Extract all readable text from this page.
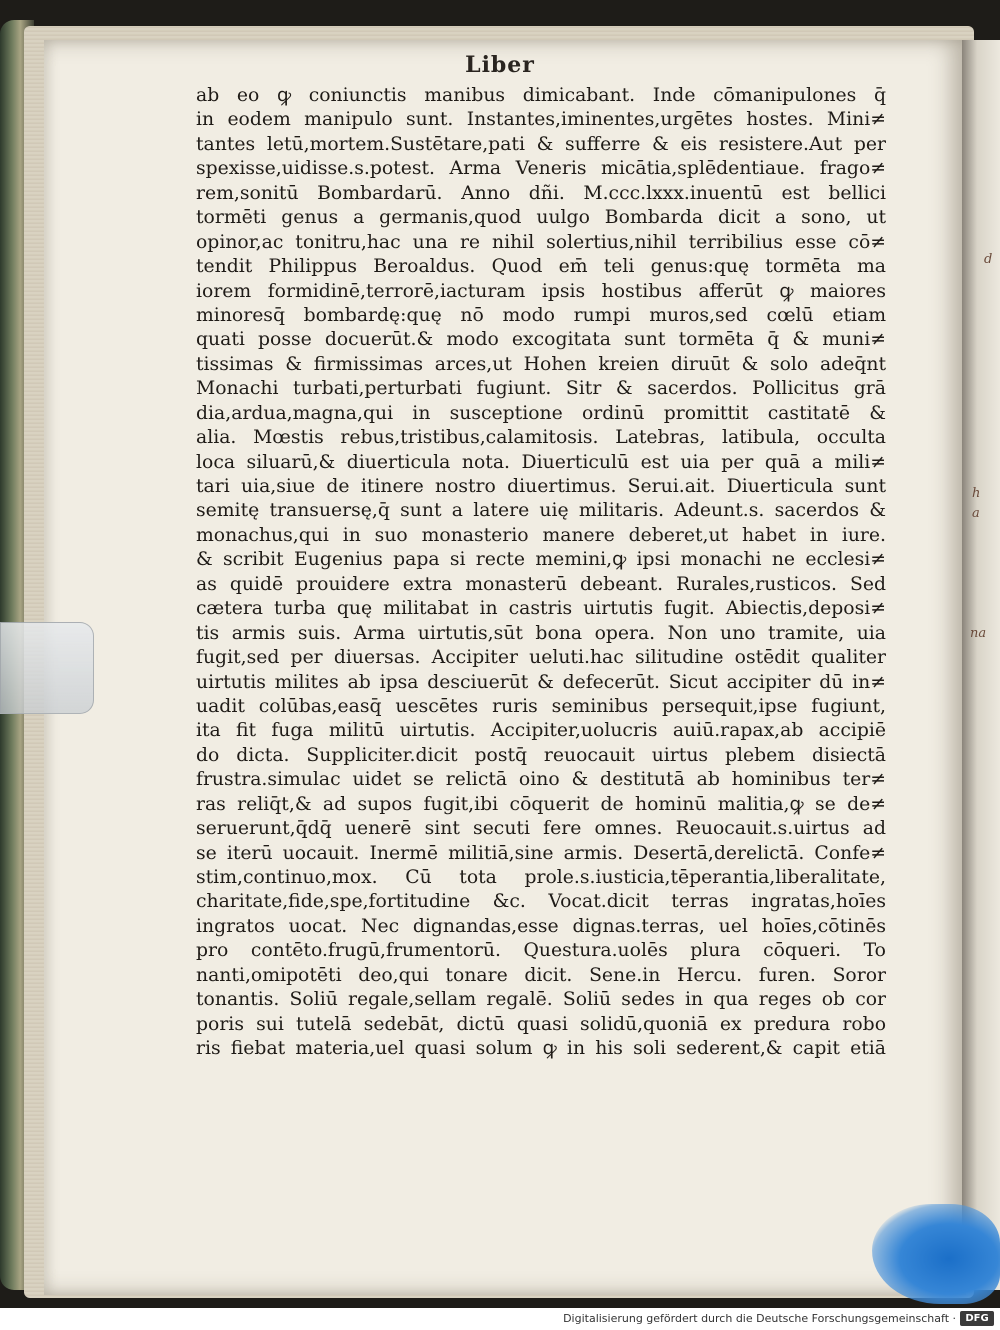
d
h
a
na
Liber
ab eo ꝙ coniunctis manibus dimicabant. Inde cōmanipulones q̄
in eodem manipulo sunt. Instantes,iminentes,urgētes hostes. Mini≠
tantes letū,mortem.Sustētare,pati & sufferre & eis resistere.Aut per
spexisse,uidisse.s.potest. Arma Veneris micātia,splēdentiaue. frago≠
rem,sonitū Bombardarū. Anno dñi. M.ccc.lxxx.inuentū est bellici
tormēti genus a germanis,quod uulgo Bombarda dicit a sono, ut
opinor,ac tonitru,hac una re nihil solertius,nihil terribilius esse cō≠
tendit Philippus Beroaldus. Quod em̄ teli genus:quę tormēta ma
iorem formidinē,terrorē,iacturam ipsis hostibus afferūt ꝙ maiores
minoresq̄ bombardę:quę nō modo rumpi muros,sed cœlū etiam
quati posse docuerūt.& modo excogitata sunt tormēta q̄ & muni≠
tissimas & firmissimas arces,ut Hohen kreien diruūt & solo adeq̄nt
Monachi turbati,perturbati fugiunt. Sitr & sacerdos. Pollicitus grā
dia,ardua,magna,qui in susceptione ordinū promittit castitatē &
alia. Mœstis rebus,tristibus,calamitosis. Latebras, latibula, occulta
loca siluarū,& diuerticula nota. Diuerticulū est uia per quā a mili≠
tari uia,siue de itinere nostro diuertimus. Serui.ait. Diuerticula sunt
semitę transuersę,q̄ sunt a latere uię militaris. Adeunt.s. sacerdos &
monachus,qui in suo monasterio manere deberet,ut habet in iure.
& scribit Eugenius papa si recte memini,ꝙ ipsi monachi ne ecclesi≠
as quidē prouidere extra monasterū debeant. Rurales,rusticos. Sed
cætera turba quę militabat in castris uirtutis fugit. Abiectis,deposi≠
tis armis suis. Arma uirtutis,sūt bona opera. Non uno tramite, uia
fugit,sed per diuersas. Accipiter ueluti.hac silitudine ostēdit qualiter
uirtutis milites ab ipsa desciuerūt & defecerūt. Sicut accipiter dū in≠
uadit colūbas,easq̄ uescētes ruris seminibus persequit,ipse fugiunt,
ita fit fuga militū uirtutis. Accipiter,uolucris auiū.rapax,ab accipiē
do dicta. Suppliciter.dicit postq̄ reuocauit uirtus plebem disiectā
frustra.simulac uidet se relictā oino & destitutā ab hominibus ter≠
ras reliq̄t,& ad supos fugit,ibi cōquerit de hominū malitia,ꝙ se de≠
seruerunt,q̄dq̄ uenerē sint secuti fere omnes. Reuocauit.s.uirtus ad
se iterū uocauit. Inermē militiā,sine armis. Desertā,derelictā. Confe≠
stim,continuo,mox. Cū tota prole.s.iusticia,tēperantia,liberalitate,
charitate,fide,spe,fortitudine &c. Vocat.dicit terras ingratas,hoīes
ingratos uocat. Nec dignandas,esse dignas.terras, uel hoīes,cōtinēs
pro contēto.frugū,frumentorū. Questura.uolēs plura cōqueri. To
nanti,omipotēti deo,qui tonare dicit. Sene.in Hercu. furen. Soror
tonantis. Soliū regale,sellam regalē. Soliū sedes in qua reges ob cor
poris sui tutelā sedebāt, dictū quasi solidū,quoniā ex predura robo
ris fiebat materia,uel quasi solum ꝙ in his soli sederent,& capit etiā
Digitalisierung gefördert durch die Deutsche Forschungsgemeinschaft · DFG
